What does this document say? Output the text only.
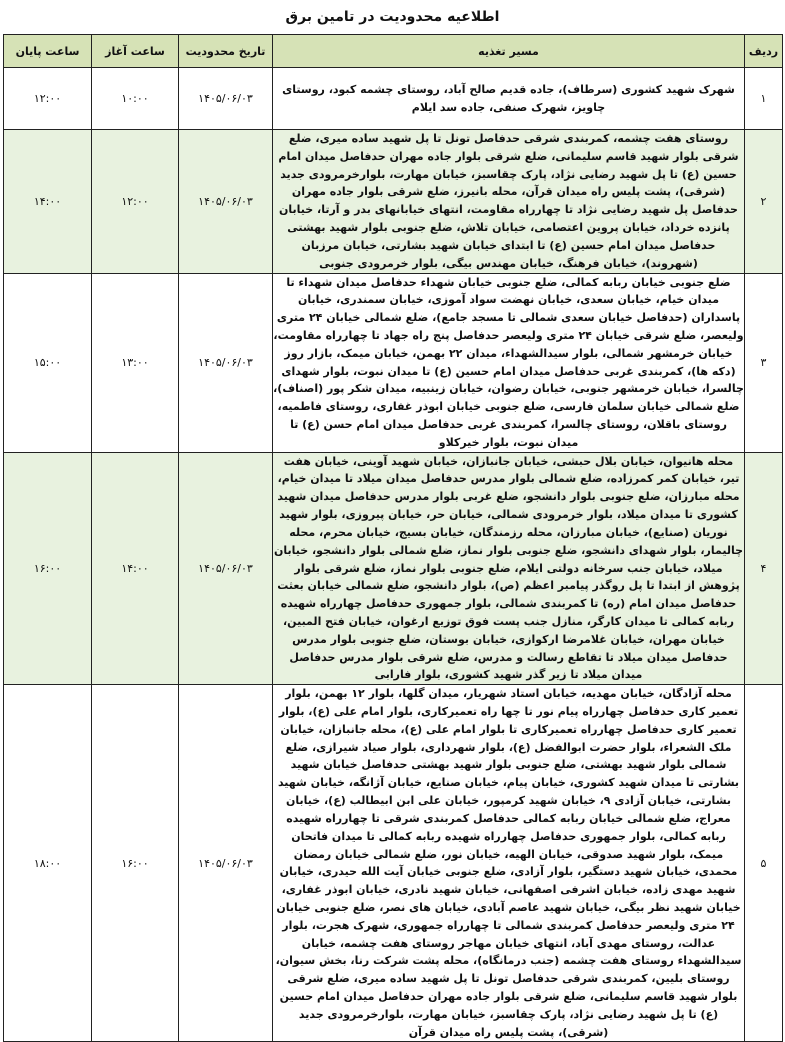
اطلاعیه محدودیت در تامین برق
ردیف	مسیر تغذیه	تاریخ محدودیت	ساعت آغاز	ساعت پایان
۱	شهرک شهید کشوری (سرطاف)، جاده قدیم صالح آباد، روستای چشمه کبود، روستای چاویز، شهرک صنفی، جاده سد ایلام	۱۴۰۵/۰۶/۰۳	۱۰:۰۰	۱۲:۰۰
۲	روستای هفت چشمه، کمربندی شرقی حدفاصل تونل تا پل شهید ساده میری، ضلع شرقی بلوار شهید قاسم سلیمانی، ضلع شرقی بلوار جاده مهران حدفاصل میدان امام حسین (ع) تا پل شهید رضایی نژاد، پارک چقاسبز، خیابان مهارت، بلوارخرمرودی جدید (شرقی)، پشت پلیس راه میدان قرآن، محله بانیرز، ضلع شرقی بلوار جاده مهران حدفاصل پل شهید رضایی نژاد تا چهارراه مقاومت، انتهای خیابانهای بدر و آرتا، خیابان پانزده خرداد، خیابان پروین اعتصامی، خیابان تلاش، ضلع جنوبی بلوار شهید بهشتی حدفاصل میدان امام حسین (ع) تا ابتدای خیابان شهید بشارتی، خیابان مرزبان (شهروند)، خیابان فرهنگ، خیابان مهندس بیگی، بلوار خرمرودی جنوبی	۱۴۰۵/۰۶/۰۳	۱۲:۰۰	۱۴:۰۰
۳	ضلع جنوبی خیابان ربابه کمالی، ضلع جنوبی خیابان شهداء حدفاصل میدان شهداء تا میدان خیام، خیابان سعدی، خیابان نهضت سواد آموزی، خیابان سمندری، خیابان پاسداران (حدفاصل خیابان سعدی شمالی تا مسجد جامع)، ضلع شمالی خیابان ۲۴ متری ولیعصر، ضلع شرقی خیابان ۲۴ متری ولیعصر حدفاصل پنج راه جهاد تا چهارراه مقاومت، خیابان خرمشهر شمالی، بلوار سیدالشهداء، میدان ۲۲ بهمن، خیابان میمک، بازار روز (دکه ها)، کمربندی غربی حدفاصل میدان امام حسین (ع) تا میدان نبوت، بلوار شهدای چالسرا، خیابان خرمشهر جنوبی، خیابان رضوان، خیابان زینبیه، میدان شکر پور (اصناف)، ضلع شمالی خیابان سلمان فارسی، ضلع جنوبی خیابان ابوذر غفاری، روستای فاطمیه، روستای باقلان، روستای چالسرا، کمربندی غربی حدفاصل میدان امام حسن (ع) تا میدان نبوت، بلوار خیرکلاو	۱۴۰۵/۰۶/۰۳	۱۳:۰۰	۱۵:۰۰
۴	محله هانیوان، خیابان بلال حبشی، خیابان جانبازان، خیابان شهید آوینی، خیابان هفت تیر، خیابان کمر کمرزاده، ضلع شمالی بلوار مدرس حدفاصل میدان میلاد تا میدان خیام، محله مبارزان، ضلع جنوبی بلوار دانشجو، ضلع غربی بلوار مدرس حدفاصل میدان شهید کشوری تا میدان میلاد، بلوار خرمرودی شمالی، خیابان حر، خیابان پیروزی، بلوار شهید نوریان (صنایع)، خیابان مبارزان، محله رزمندگان، خیابان بسیج، خیابان محرم، محله چالیمار، بلوار شهدای دانشجو، ضلع جنوبی بلوار نماز، ضلع شمالی بلوار دانشجو، خیابان میلاد، خیابان جنب سرخانه دولتی ایلام، ضلع جنوبی بلوار نماز، ضلع شرقی بلوار پژوهش از ابتدا تا پل روگذر پیامبر اعظم (ص)، بلوار دانشجو، ضلع شمالی خیابان بعثت حدفاصل میدان امام (ره) تا کمربندی شمالی، بلوار جمهوری حدفاصل چهارراه شهیده ربابه کمالی تا میدان کارگر، منازل جنب پست فوق توزیع ارغوان، خیابان فتح المبین، خیابان مهران، خیابان غلامرضا ارکوازی، خیابان بوستان، ضلع جنوبی بلوار مدرس حدفاصل میدان میلاد تا تقاطع رسالت و مدرس، ضلع شرقی بلوار مدرس حدفاصل میدان میلاد تا زیر گذر شهید کشوری، بلوار فارابی	۱۴۰۵/۰۶/۰۳	۱۴:۰۰	۱۶:۰۰
۵	محله آزادگان، خیابان مهدیه، خیابان استاد شهریار، میدان گلها، بلوار ۱۲ بهمن، بلوار تعمیر کاری حدفاصل چهارراه پیام نور تا چها راه تعمیرکاری، بلوار امام علی (ع)، بلوار تعمیر کاری حدفاصل چهارراه تعمیرکاری تا بلوار امام علی (ع)، محله جانبازان، خیابان ملک الشعراء، بلوار حضرت ابوالفضل (ع)، بلوار شهرداری، بلوار صیاد شیرازی، ضلع شمالی بلوار شهید بهشتی، ضلع جنوبی بلوار شهید بهشتی حدفاصل خیابان شهید بشارتی تا میدان شهید کشوری، خیابان پیام، خیابان صنایع، خیابان آژانگه، خیابان شهید بشارتی، خیابان آزادی ۹، خیابان شهید کرمپور، خیابان علی ابن ابیطالب (ع)، خیابان معراج، ضلع شمالی خیابان ربابه کمالی حدفاصل کمربندی شرقی تا چهارراه شهیده ربابه کمالی، بلوار جمهوری حدفاصل چهارراه شهیده ربابه کمالی تا میدان فاتحان میمک، بلوار شهید صدوقی، خیابان الهیه، خیابان نور، ضلع شمالی خیابان رمضان محمدی، خیابان شهید دستگیر، بلوار آزادی، ضلع جنوبی خیابان آیت الله حیدری، خیابان شهید مهدی زاده، خیابان اشرفی اصفهانی، خیابان شهید نادری، خیابان ابوذر غفاری، خیابان شهید نظر بیگی، خیابان شهید عاصم آبادی، خیابان های نصر، ضلع جنوبی خیابان ۲۴ متری ولیعصر حدفاصل کمربندی شمالی تا چهارراه جمهوری، شهرک هجرت، بلوار عدالت، روستای مهدی آباد، انتهای خیابان مهاجر روستای هفت چشمه، خیابان سیدالشهداء روستای هفت چشمه (جنب درمانگاه)، محله پشت شرکت رنا، بخش سیوان، روستای بلیین، کمربندی شرقی حدفاصل تونل تا پل شهید ساده میری، ضلع شرقی بلوار شهید قاسم سلیمانی، ضلع شرقی بلوار جاده مهران حدفاصل میدان امام حسین (ع) تا پل شهید رضایی نژاد، پارک چقاسبز، خیابان مهارت، بلوارخرمرودی جدید (شرقی)، پشت پلیس راه میدان قرآن	۱۴۰۵/۰۶/۰۳	۱۶:۰۰	۱۸:۰۰
